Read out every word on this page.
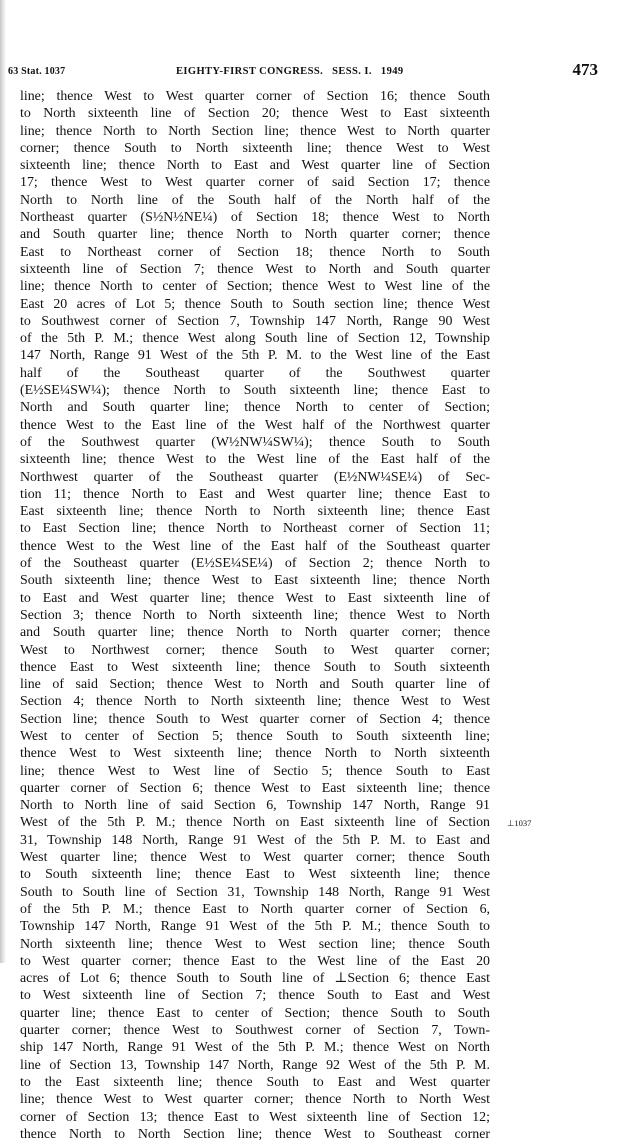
63 Stat. 1037	EIGHTY-FIRST CONGRESS.   SESS. I.   1949	473
line; thence West to West quarter corner of Section 16; thence South
to North sixteenth line of Section 20; thence West to East sixteenth
line; thence North to North Section line; thence West to North quarter
corner; thence South to North sixteenth line; thence West to West
sixteenth line; thence North to East and West quarter line of Section
17; thence West to West quarter corner of said Section 17; thence
North to North line of the South half of the North half of the
Northeast quarter (S½N½NE¼) of Section 18; thence West to North
and South quarter line; thence North to North quarter corner; thence
East to Northeast corner of Section 18; thence North to South
sixteenth line of Section 7; thence West to North and South quarter
line; thence North to center of Section; thence West to West line of the
East 20 acres of Lot 5; thence South to South section line; thence West
to Southwest corner of Section 7, Township 147 North, Range 90 West
of the 5th P. M.; thence West along South line of Section 12, Township
147 North, Range 91 West of the 5th P. M. to the West line of the East
half of the Southeast quarter of the Southwest quarter
(E½SE¼SW¼); thence North to South sixteenth line; thence East to
North and South quarter line; thence North to center of Section;
thence West to the East line of the West half of the Northwest quarter
of the Southwest quarter (W½NW¼SW¼); thence South to South
sixteenth line; thence West to the West line of the East half of the
Northwest quarter of the Southeast quarter (E½NW¼SE¼) of Sec-
tion 11; thence North to East and West quarter line; thence East to
East sixteenth line; thence North to North sixteenth line; thence East
to East Section line; thence North to Northeast corner of Section 11;
thence West to the West line of the East half of the Southeast quarter
of the Southeast quarter (E½SE¼SE¼) of Section 2; thence North to
South sixteenth line; thence West to East sixteenth line; thence North
to East and West quarter line; thence West to East sixteenth line of
Section 3; thence North to North sixteenth line; thence West to North
and South quarter line; thence North to North quarter corner; thence
West to Northwest corner; thence South to West quarter corner;
thence East to West sixteenth line; thence South to South sixteenth
line of said Section; thence West to North and South quarter line of
Section 4; thence North to North sixteenth line; thence West to West
Section line; thence South to West quarter corner of Section 4; thence
West to center of Section 5; thence South to South sixteenth line;
thence West to West sixteenth line; thence North to North sixteenth
line; thence West to West line of Sectio 5; thence South to East
quarter corner of Section 6; thence West to East sixteenth line; thence
North to North line of said Section 6, Township 147 North, Range 91
West of the 5th P. M.; thence North on East sixteenth line of Section
31, Township 148 North, Range 91 West of the 5th P. M. to East and
West quarter line; thence West to West quarter corner; thence South
to South sixteenth line; thence East to West sixteenth line; thence
South to South line of Section 31, Township 148 North, Range 91 West
of the 5th P. M.; thence East to North quarter corner of Section 6,
Township 147 North, Range 91 West of the 5th P. M.; thence South to
North sixteenth line; thence West to West section line; thence South
to West quarter corner; thence East to the West line of the East 20
acres of Lot 6; thence South to South line of ⊥Section 6; thence East
to West sixteenth line of Section 7; thence South to East and West
quarter line; thence East to center of Section; thence South to South
quarter corner; thence West to Southwest corner of Section 7, Town-
ship 147 North, Range 91 West of the 5th P. M.; thence West on North
line of Section 13, Township 147 North, Range 92 West of the 5th P. M.
to the East sixteenth line; thence South to East and West quarter
line; thence West to West quarter corner; thence North to North West
corner of Section 13; thence East to West sixteenth line of Section 12;
thence North to North Section line; thence West to Southeast corner
⊥1037
